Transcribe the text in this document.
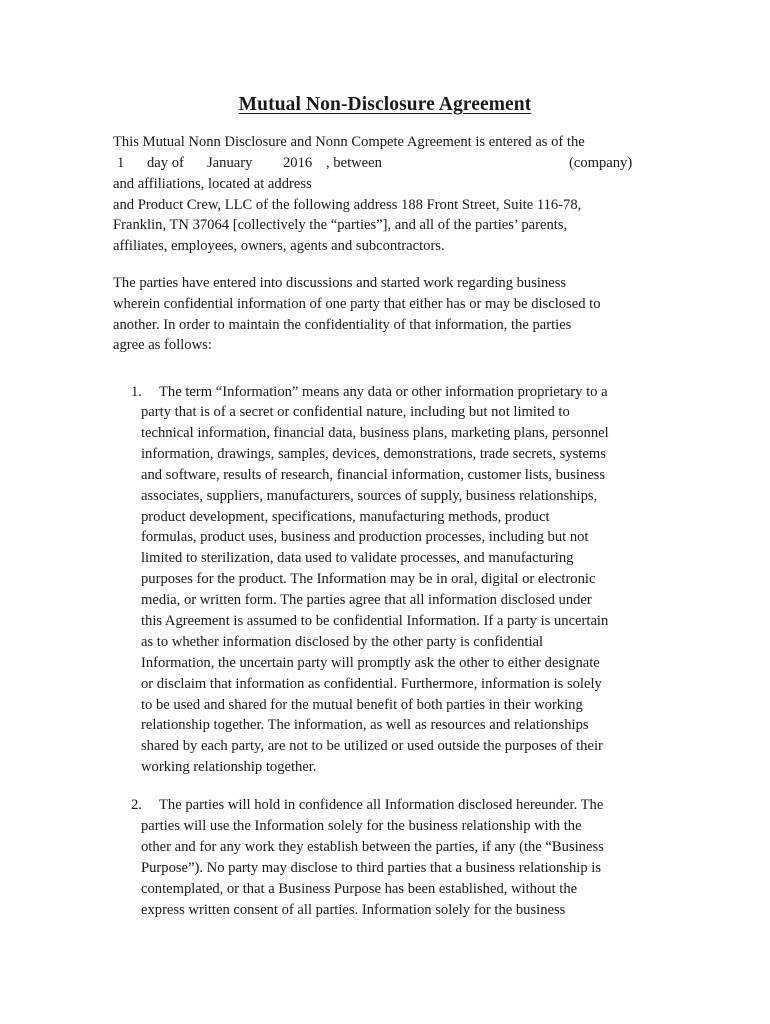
Mutual Non-Disclosure Agreement
This Mutual Nonn Disclosure and Nonn Compete Agreement is entered as of the
1 day of January 2016 , between	(company)
and affiliations, located at address
and Product Crew, LLC of the following address 188 Front Street, Suite 116-78,
Franklin, TN 37064 [collectively the “parties”], and all of the parties’ parents,
affiliates, employees, owners, agents and subcontractors.
The parties have entered into discussions and started work regarding business
wherein confidential information of one party that either has or may be disclosed to
another. In order to maintain the confidentiality of that information, the parties
agree as follows:
1. The term “Information” means any data or other information proprietary to a
party that is of a secret or confidential nature, including but not limited to
technical information, financial data, business plans, marketing plans, personnel
information, drawings, samples, devices, demonstrations, trade secrets, systems
and software, results of research, financial information, customer lists, business
associates, suppliers, manufacturers, sources of supply, business relationships,
product development, specifications, manufacturing methods, product
formulas, product uses, business and production processes, including but not
limited to sterilization, data used to validate processes, and manufacturing
purposes for the product. The Information may be in oral, digital or electronic
media, or written form. The parties agree that all information disclosed under
this Agreement is assumed to be confidential Information. If a party is uncertain
as to whether information disclosed by the other party is confidential
Information, the uncertain party will promptly ask the other to either designate
or disclaim that information as confidential. Furthermore, information is solely
to be used and shared for the mutual benefit of both parties in their working
relationship together. The information, as well as resources and relationships
shared by each party, are not to be utilized or used outside the purposes of their
working relationship together.
2. The parties will hold in confidence all Information disclosed hereunder. The
parties will use the Information solely for the business relationship with the
other and for any work they establish between the parties, if any (the “Business
Purpose”). No party may disclose to third parties that a business relationship is
contemplated, or that a Business Purpose has been established, without the
express written consent of all parties. Information solely for the business
